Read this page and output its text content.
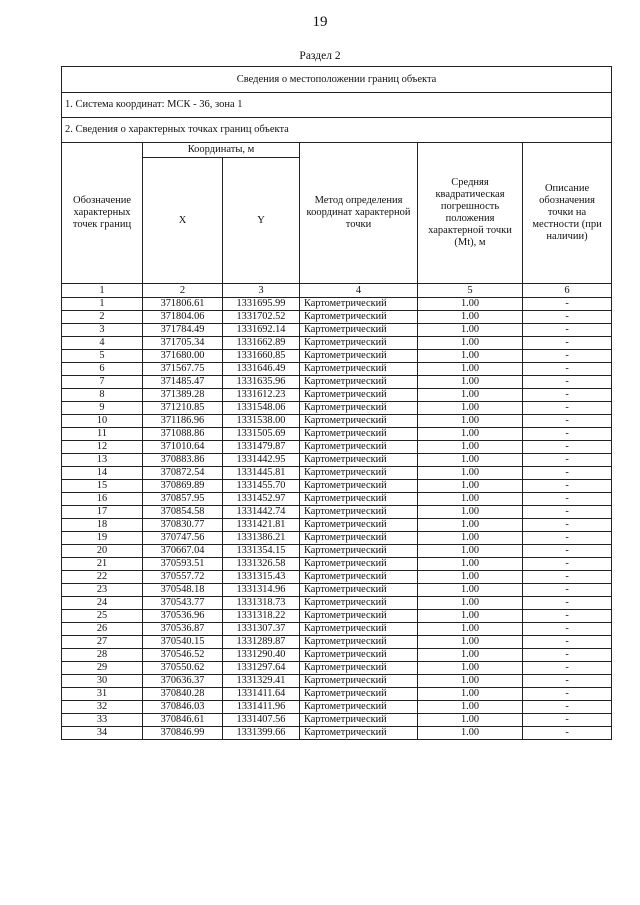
19
Раздел 2
Сведения о местоположении границ объекта					
1. Система координат: МСК - 36, зона 1					
2. Сведения о характерных точках границ объекта					
Обозначение характерных точек границ	Координаты, м		Метод определения координат характерной точки	Средняя квадратическая погрешность положения характерной точки (Mt), м	Описание обозначения точки на местности (при наличии)
	X	Y			
1	2	3	4	5	6
1	371806.61	1331695.99	Картометрический	1.00	-
2	371804.06	1331702.52	Картометрический	1.00	-
3	371784.49	1331692.14	Картометрический	1.00	-
4	371705.34	1331662.89	Картометрический	1.00	-
5	371680.00	1331660.85	Картометрический	1.00	-
6	371567.75	1331646.49	Картометрический	1.00	-
7	371485.47	1331635.96	Картометрический	1.00	-
8	371389.28	1331612.23	Картометрический	1.00	-
9	371210.85	1331548.06	Картометрический	1.00	-
10	371186.96	1331538.00	Картометрический	1.00	-
11	371088.86	1331505.69	Картометрический	1.00	-
12	371010.64	1331479.87	Картометрический	1.00	-
13	370883.86	1331442.95	Картометрический	1.00	-
14	370872.54	1331445.81	Картометрический	1.00	-
15	370869.89	1331455.70	Картометрический	1.00	-
16	370857.95	1331452.97	Картометрический	1.00	-
17	370854.58	1331442.74	Картометрический	1.00	-
18	370830.77	1331421.81	Картометрический	1.00	-
19	370747.56	1331386.21	Картометрический	1.00	-
20	370667.04	1331354.15	Картометрический	1.00	-
21	370593.51	1331326.58	Картометрический	1.00	-
22	370557.72	1331315.43	Картометрический	1.00	-
23	370548.18	1331314.96	Картометрический	1.00	-
24	370543.77	1331318.73	Картометрический	1.00	-
25	370536.96	1331318.22	Картометрический	1.00	-
26	370536.87	1331307.37	Картометрический	1.00	-
27	370540.15	1331289.87	Картометрический	1.00	-
28	370546.52	1331290.40	Картометрический	1.00	-
29	370550.62	1331297.64	Картометрический	1.00	-
30	370636.37	1331329.41	Картометрический	1.00	-
31	370840.28	1331411.64	Картометрический	1.00	-
32	370846.03	1331411.96	Картометрический	1.00	-
33	370846.61	1331407.56	Картометрический	1.00	-
34	370846.99	1331399.66	Картометрический	1.00	-
